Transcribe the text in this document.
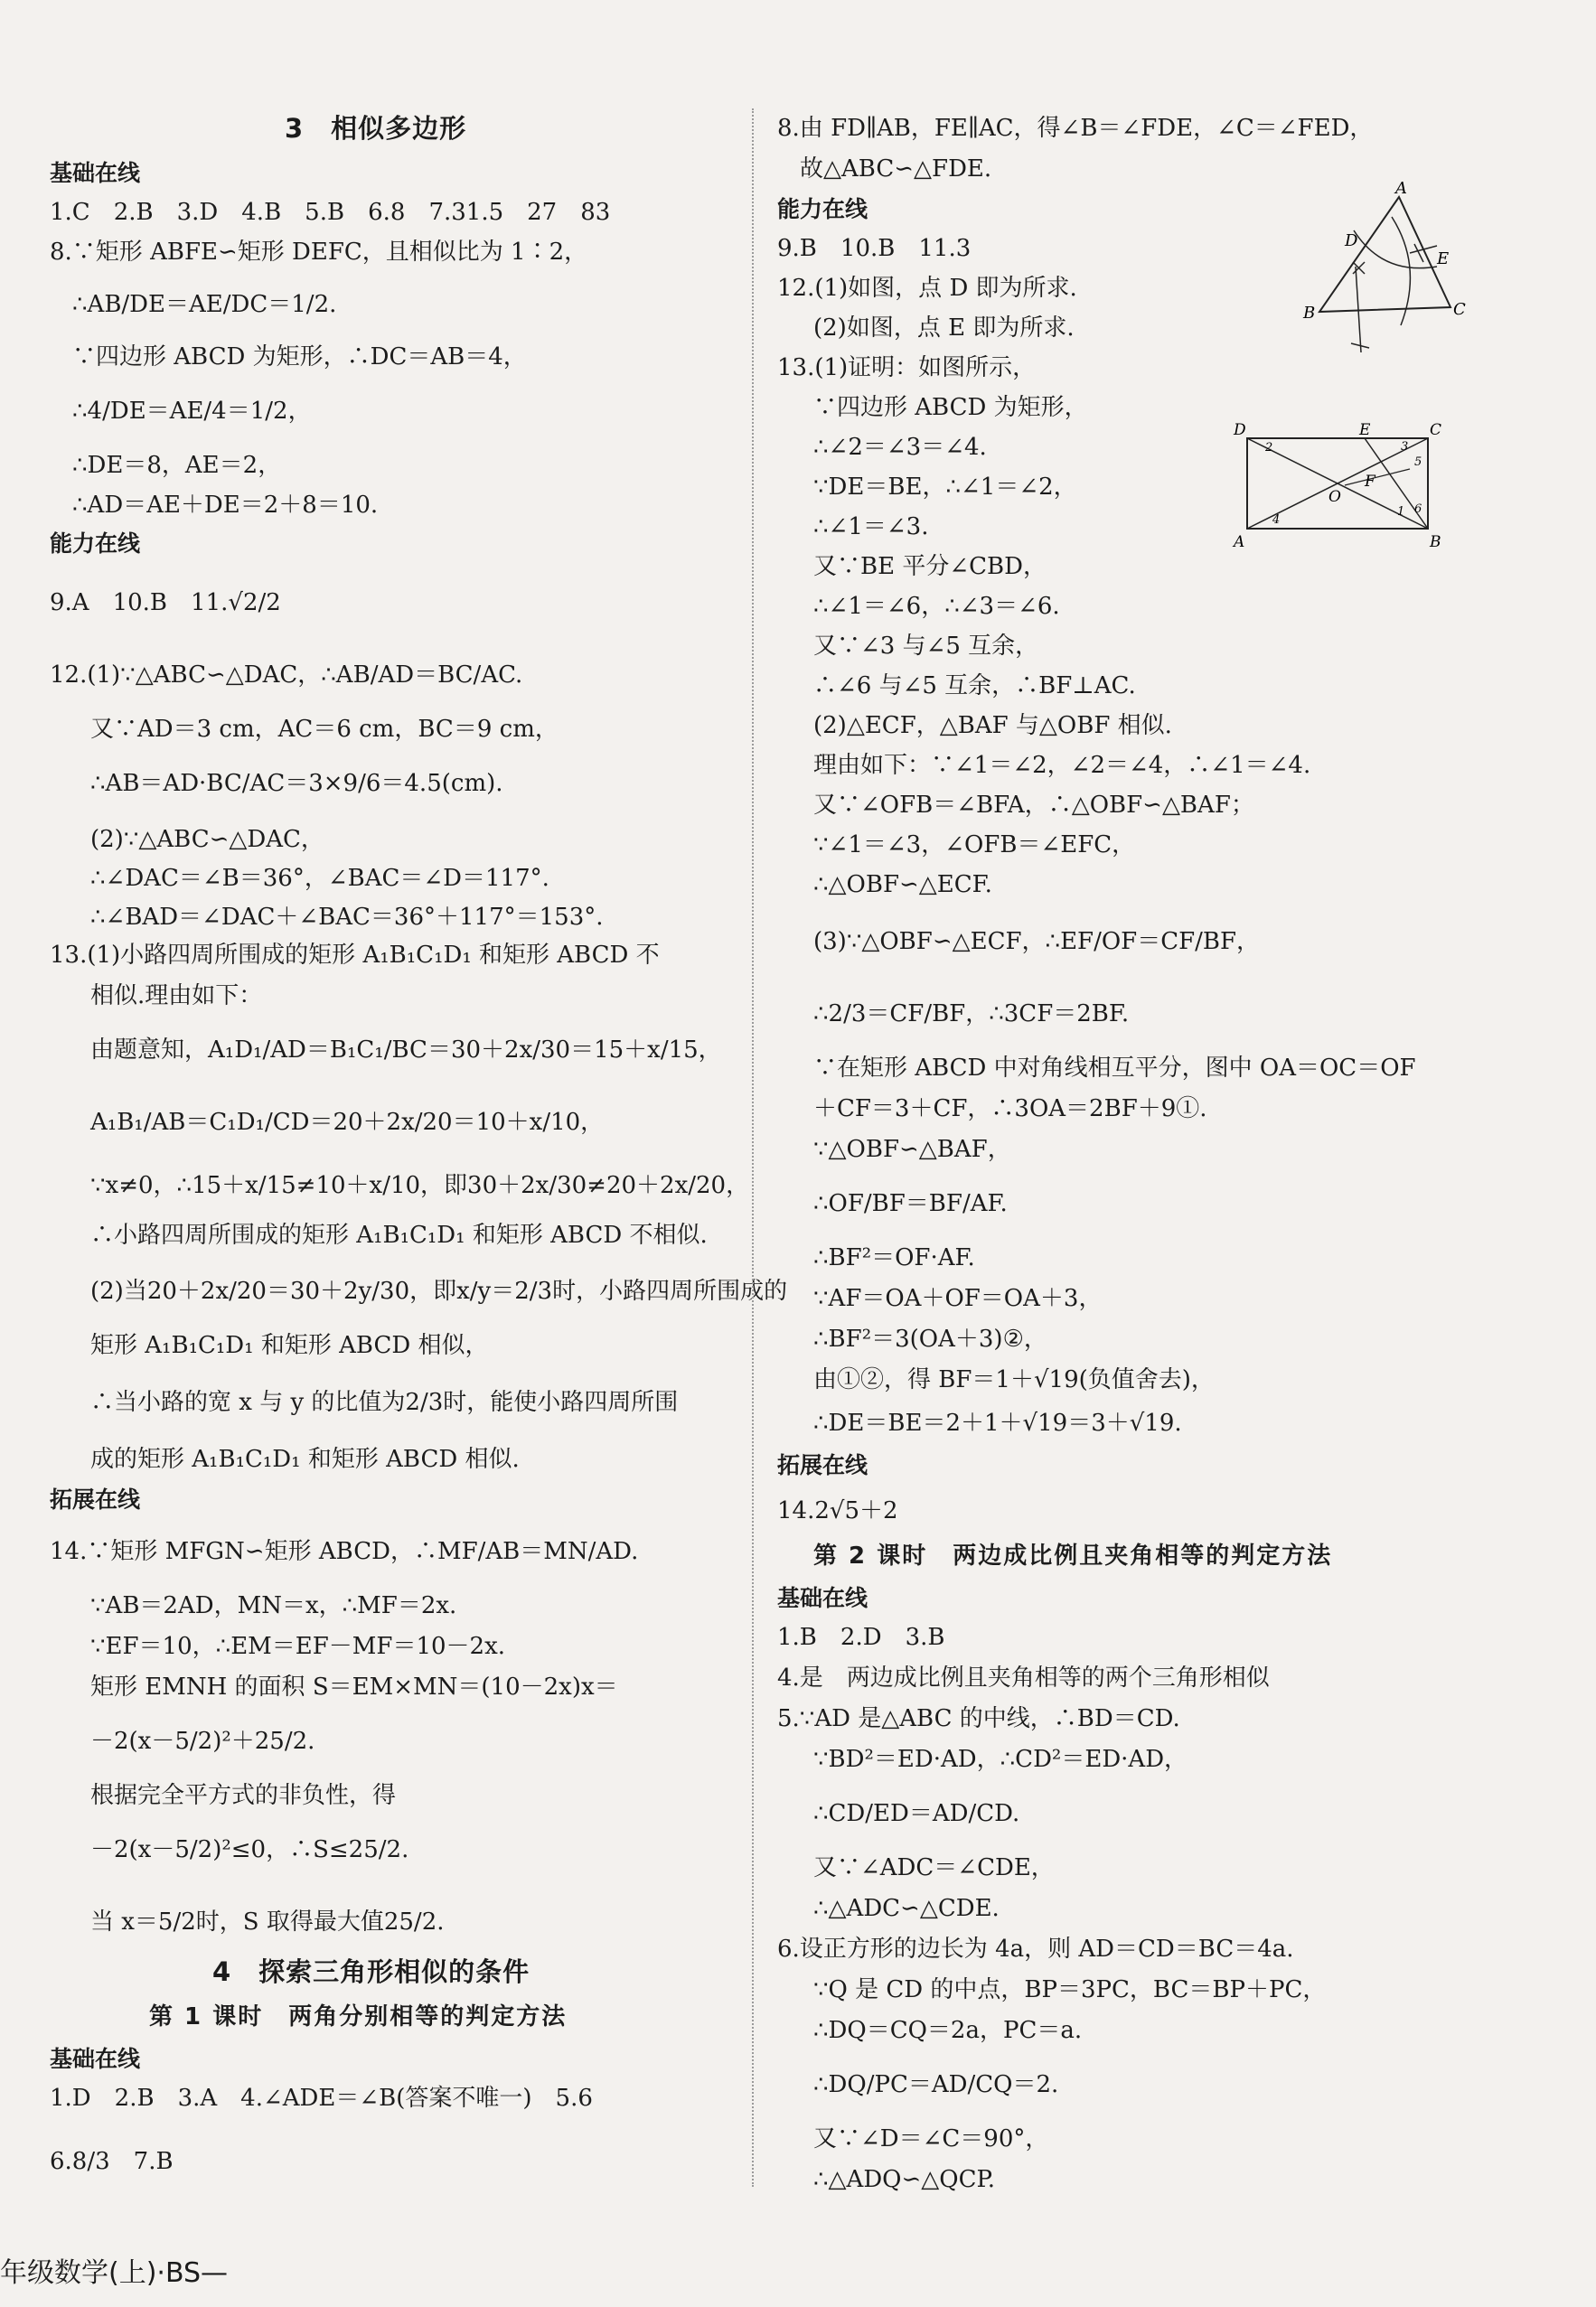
3　相似多边形
基础在线
1.C　2.B　3.D　4.B　5.B　6.8　7.31.5　27　83
8.∵矩形 ABFE∽矩形 DEFC，且相似比为 1∶2，
∴AB/DE＝AE/DC＝1/2.
∵四边形 ABCD 为矩形，∴DC＝AB＝4，
∴4/DE＝AE/4＝1/2，
∴DE＝8，AE＝2，
∴AD＝AE＋DE＝2＋8＝10.
能力在线
9.A　10.B　11.√2/2
12.(1)∵△ABC∽△DAC，∴AB/AD＝BC/AC.
又∵AD＝3 cm，AC＝6 cm，BC＝9 cm，
∴AB＝AD·BC/AC＝3×9/6＝4.5(cm).
(2)∵△ABC∽△DAC，
∴∠DAC＝∠B＝36°，∠BAC＝∠D＝117°.
∴∠BAD＝∠DAC＋∠BAC＝36°＋117°＝153°.
13.(1)小路四周所围成的矩形 A₁B₁C₁D₁ 和矩形 ABCD 不
相似.理由如下：
由题意知，A₁D₁/AD＝B₁C₁/BC＝30＋2x/30＝15＋x/15，
A₁B₁/AB＝C₁D₁/CD＝20＋2x/20＝10＋x/10，
∵x≠0，∴15＋x/15≠10＋x/10，即30＋2x/30≠20＋2x/20，
∴小路四周所围成的矩形 A₁B₁C₁D₁ 和矩形 ABCD 不相似.
(2)当20＋2x/20＝30＋2y/30，即x/y＝2/3时，小路四周所围成的
矩形 A₁B₁C₁D₁ 和矩形 ABCD 相似，
∴当小路的宽 x 与 y 的比值为2/3时，能使小路四周所围
成的矩形 A₁B₁C₁D₁ 和矩形 ABCD 相似.
拓展在线
14.∵矩形 MFGN∽矩形 ABCD，∴MF/AB＝MN/AD.
∵AB＝2AD，MN＝x，∴MF＝2x.
∵EF＝10，∴EM＝EF－MF＝10－2x.
矩形 EMNH 的面积 S＝EM×MN＝(10－2x)x＝
－2(x－5/2)²＋25/2.
根据完全平方式的非负性，得
－2(x－5/2)²≤0，∴S≤25/2.
当 x＝5/2时，S 取得最大值25/2.
4　探索三角形相似的条件
第 1 课时　两角分别相等的判定方法
基础在线
1.D　2.B　3.A　4.∠ADE＝∠B(答案不唯一)　5.6
6.8/3　7.B
8.由 FD∥AB，FE∥AC，得∠B＝∠FDE，∠C＝∠FED，
故△ABC∽△FDE.
能力在线
9.B　10.B　11.3
12.(1)如图，点 D 即为所求.
(2)如图，点 E 即为所求.
13.(1)证明：如图所示，
∵四边形 ABCD 为矩形，
∴∠2＝∠3＝∠4.
∵DE＝BE，∴∠1＝∠2，
∴∠1＝∠3.
又∵BE 平分∠CBD，
∴∠1＝∠6，∴∠3＝∠6.
又∵∠3 与∠5 互余，
∴∠6 与∠5 互余，∴BF⊥AC.
(2)△ECF，△BAF 与△OBF 相似.
理由如下：∵∠1＝∠2，∠2＝∠4，∴∠1＝∠4.
又∵∠OFB＝∠BFA，∴△OBF∽△BAF；
∵∠1＝∠3，∠OFB＝∠EFC，
∴△OBF∽△ECF.
(3)∵△OBF∽△ECF，∴EF/OF＝CF/BF，
∴2/3＝CF/BF，∴3CF＝2BF.
∵在矩形 ABCD 中对角线相互平分，图中 OA＝OC＝OF
＋CF＝3＋CF，∴3OA＝2BF＋9①.
∵△OBF∽△BAF，
∴OF/BF＝BF/AF.
∴BF²＝OF·AF.
∵AF＝OA＋OF＝OA＋3，
∴BF²＝3(OA＋3)②，
由①②，得 BF＝1＋√19(负值舍去)，
∴DE＝BE＝2＋1＋√19＝3＋√19.
拓展在线
14.2√5＋2
第 2 课时　两边成比例且夹角相等的判定方法
基础在线
1.B　2.D　3.B
4.是　两边成比例且夹角相等的两个三角形相似
5.∵AD 是△ABC 的中线，∴BD＝CD.
∵BD²＝ED·AD，∴CD²＝ED·AD，
∴CD/ED＝AD/CD.
又∵∠ADC＝∠CDE，
∴△ADC∽△CDE.
6.设正方形的边长为 4a，则 AD＝CD＝BC＝4a.
∵Q 是 CD 的中点，BP＝3PC，BC＝BP＋PC，
∴DQ＝CQ＝2a，PC＝a.
∴DQ/PC＝AD/CQ＝2.
又∵∠D＝∠C＝90°，
∴△ADQ∽△QCP.
A
D
E
B	C
D	E	C
F
O
A	B
1
2	3
4
5
6
年级数学(上)·BS—
